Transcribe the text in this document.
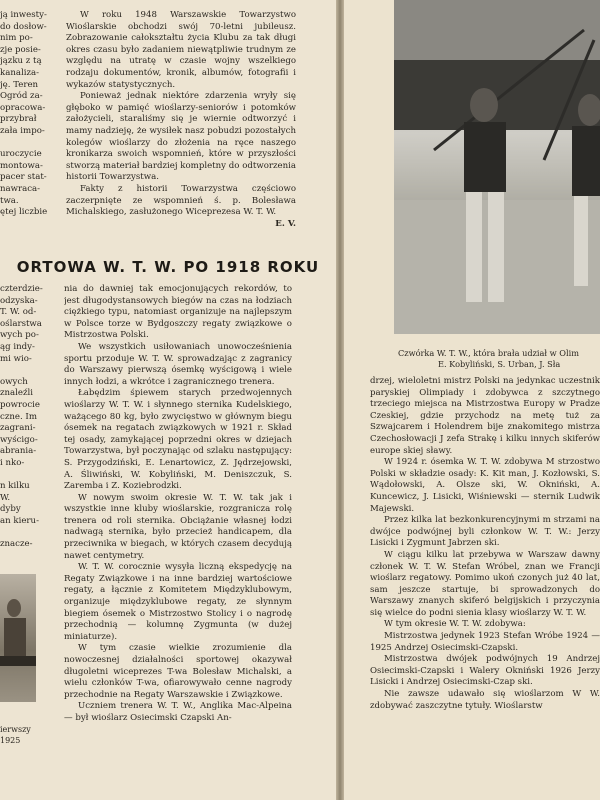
ją inwesty-

do dosłow-

nim po-

zje posie-

jązku z tą

kanaliza-

ję. Teren

Ogród za-

opracowa-

przybrał

zała impo-

uroczycie

montowa-

pacer stat-

nawraca-

twa.

ętej liczbie

W roku 1948 Warszawskie Towarzystwo Wioślarskie obchodzi swój 70-letni jubileusz. Zobrazowanie całokształtu życia Klubu za tak długi okres czasu było zadaniem niewątpliwie trudnym ze względu na utratę w czasie wojny wszelkiego rodzaju dokumentów, kronik, albumów, fotografii i wykazów statystycznych.

Ponieważ jednak niektóre zdarzenia wryły się głęboko w pamięć wioślarzy-seniorów i potomków założycieli, staraliśmy się je wiernie odtworzyć i mamy nadzieję, że wysiłek nasz pobudzi pozostałych kolegów wioślarzy do złożenia na ręce naszego kronikarza swoich wspomnień, które w przyszłości stworzą materiał bardziej kompletny do odtworzenia historii Towarzystwa.

Fakty z historii Towarzystwa częściowo zaczerpnięte ze wspomnień ś. p. Bolesława Michalskiego, zasłużonego Wiceprezesa W. T. W.

E. V.

ORTOWA W. T. W. PO 1918 ROKU

czterdzie-

odzyska-

T. W. od-

oślarstwa

wych po-

ąg indy-

mi wio-

owych

znaleźli

powrocie

czne. Im

zagrani-

wyścigo-

abrania-

i nko-

n kilku

W.

dyby

an kieru-

znacze-

ierwszy 1925

nia do dawniej tak emocjonujących rekordów, to jest długodystansowych biegów na czas na łodziach ciężkiego typu, natomiast organizuje na najlepszym w Polsce torze w Bydgoszczy regaty związkowe o Mistrzostwa Polski.

We wszystkich usiłowaniach unowocześnienia sportu przoduje W. T. W. sprowadzając z zagranicy do Warszawy pierwszą ósemkę wyścigową i wiele innych łodzi, a wkrótce i zagranicznego trenera.

Łabędzim śpiewem starych przedwojennych wioślarzy W. T. W. i słynnego sternika Kudelskiego, ważącego 80 kg, było zwycięstwo w głównym biegu ósemek na regatach związkowych w 1921 r. Skład tej osady, zamykającej poprzedni okres w dziejach Towarzystwa, był poczynając od szlaku następujący: S. Przygodziński, E. Lenartowicz, Z. Jędrzejowski, A. Śliwiński, W. Kobyliński, M. Deniszczuk, S. Zaremba i Z. Koziebrodzki.

W nowym swoim okresie W. T. W. tak jak i wszystkie inne kluby wioślarskie, rozgranicza rolę trenera od roli sternika. Obciążanie własnej łodzi nadwagą sternika, było przecież handicapem, dla przeciwnika w biegach, w których czasem decydują nawet centymetry.

W. T. W. corocznie wysyła liczną ekspedycję na Regaty Związkowe i na inne bardziej wartościowe regaty, a łącznie z Komitetem Międzyklubowym, organizuje międzyklubowe regaty, ze słynnym biegiem ósemek o Mistrzostwo Stolicy i o nagrodę przechodnią — kolumnę Zygmunta (w dużej miniaturze).

W tym czasie wielkie zrozumienie dla nowoczesnej działalności sportowej okazywał długoletni wiceprezes T-wa Bolesław Michalski, a wielu członków T-wa, ofiarowywało cenne nagrody przechodnie na Regaty Warszawskie i Związkowe.

Uczniem trenera W. T. W., Anglika Mac-Alpeina — był wioślarz Osiecimski Czapski An-

Czwórka W. T. W., która brała udział w Olim

E. Kobyliński, S. Urban, J. Sła

drzej, wieloletni mistrz Polski na jedynkac uczestnik paryskiej Olimpiady i zdobywca z szczytnego trzeciego miejsca na Mistrzostwa Europy w Pradze Czeskiej, gdzie przychodz na metę tuż za Szwajcarem i Holendrem bije znakomitego mistrza Czechosłowacji J zefa Strakę i kilku innych skiferów europe skiej sławy.

W 1924 r. ósemka W. T. W. zdobywa M strzostwo Polski w składzie osady: K. Kit man, J. Kozłowski, S. Wądołowski, A. Olsze ski, W. Okniński, A. Kuncewicz, J. Lisicki, Wiśniewski — sternik Ludwik Majewski.

Przez kilka lat bezkonkurencyjnymi m strzami na dwójce podwójnej byli członkow W. T. W.: Jerzy Lisicki i Zygmunt Jabrzen ski.

W ciągu kilku lat przebywa w Warszaw dawny członek W. T. W. Stefan Wróbel, znan we Francji wioślarz regatowy. Pomimo ukoń czonych już 40 lat, sam jeszcze startuje, bi sprowadzonych do Warszawy znanych skiferó belgijskich i przyczynia się wielce do podni sienia klasy wioślarzy W. T. W.

W tym okresie W. T. W. zdobywa:

Mistrzostwa jedynek 1923 Stefan Wróbe 1924 — 1925 Andrzej Osiecimski-Czapski.

Mistrzostwa dwójek podwójnych 19 Andrzej Osiecimski-Czapski i Walery Okniński 1926 Jerzy Lisicki i Andrzej Osiecimski-Czap ski.

Nie zawsze udawało się wioślarzom W W. zdobywać zaszczytne tytuły. Wioślarstw
